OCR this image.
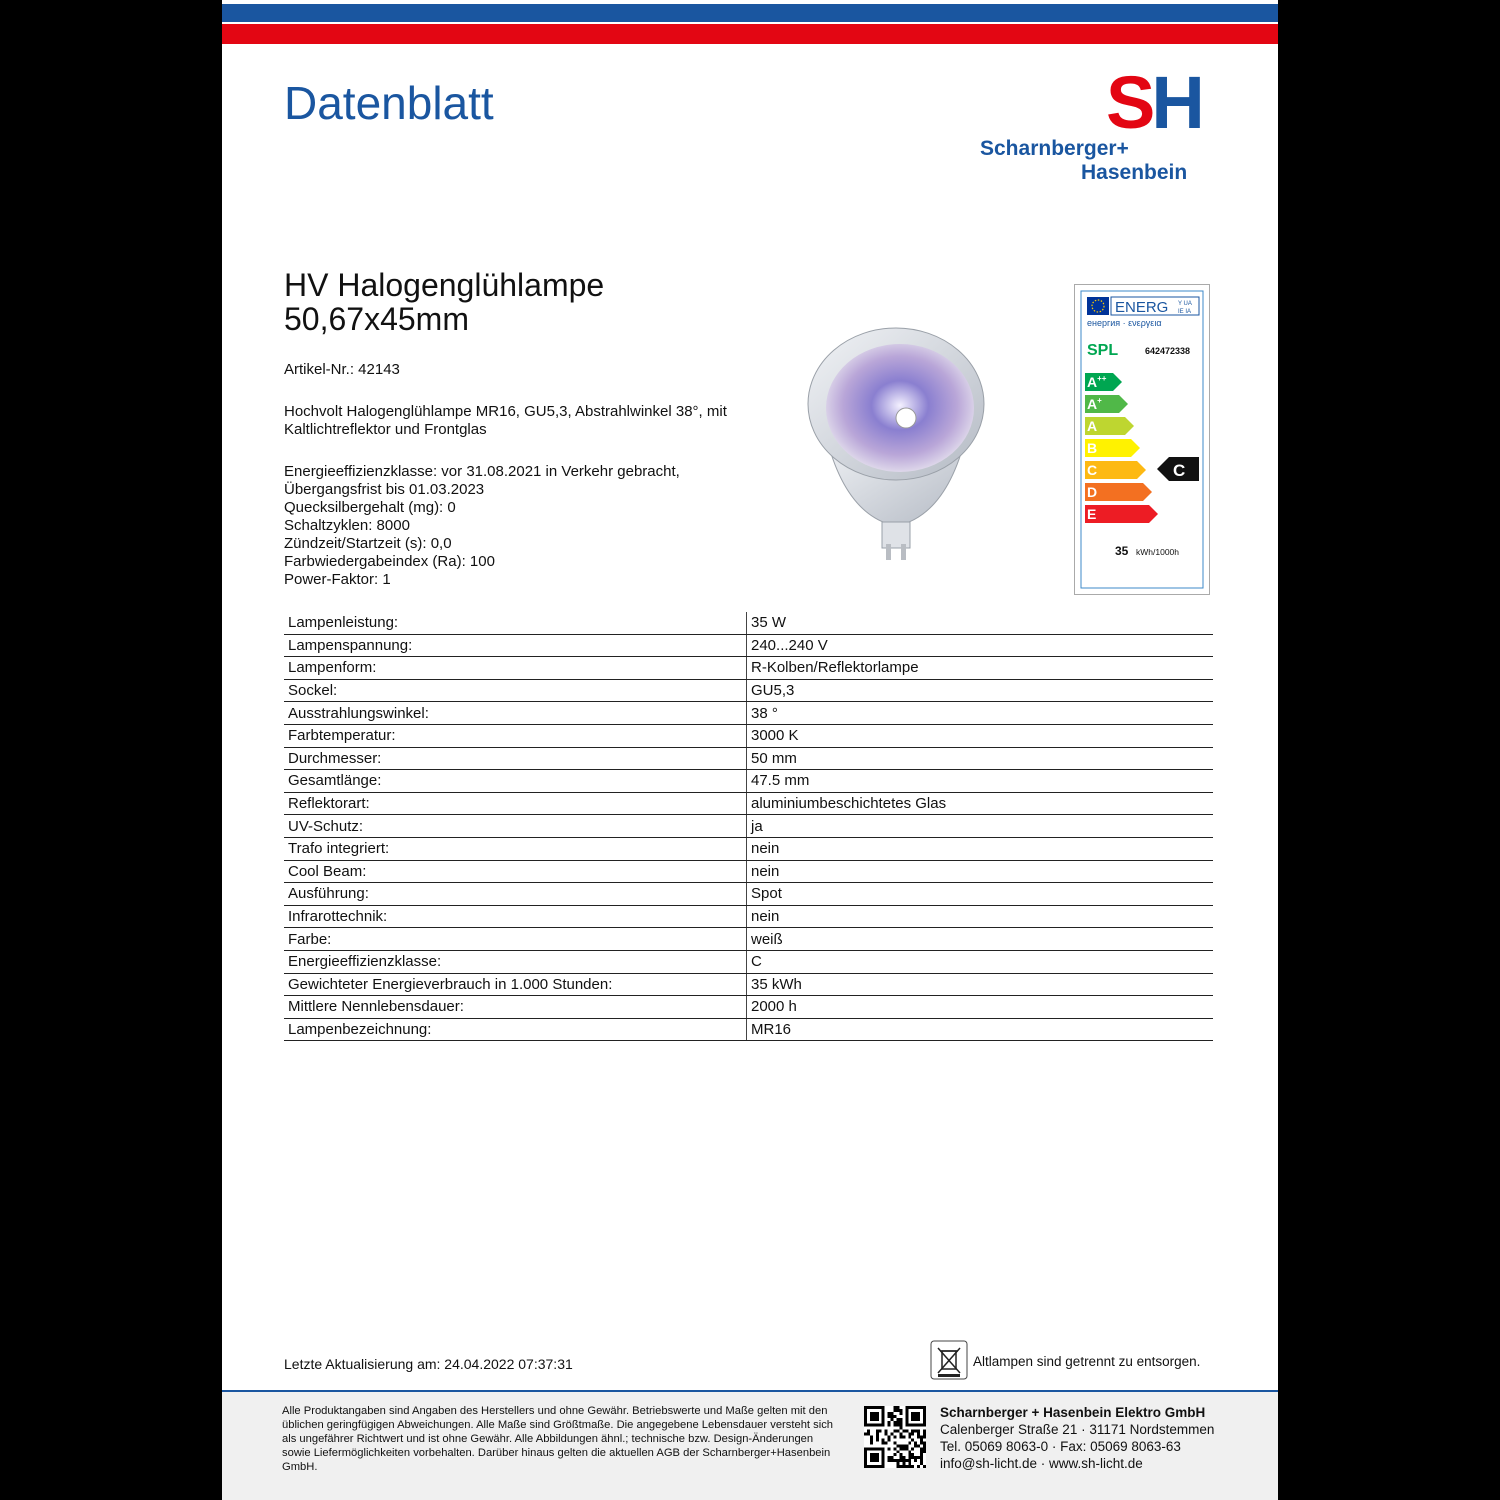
Datenblatt	SH
Scharnberger+
Hasenbein
HV Halogenglühlampe
50,67x45mm
Artikel-Nr.: 42143
Hochvolt Halogenglühlampe MR16, GU5,3, Abstrahlwinkel 38°, mit Kaltlichtreflektor und Frontglas
Energieeffizienzklasse: vor 31.08.2021 in Verkehr gebracht,
Übergangsfrist bis 01.03.2023
Quecksilbergehalt (mg): 0
Schaltzyklen: 8000
Zündzeit/Startzeit (s): 0,0
Farbwiedergabeindex (Ra): 100
Power-Faktor: 1
ENERG Y UA
IE IA
енергия · ενεργεια
SPL	642472338
A++
A+
A
B
C
D
E
C
35 kWh/1000h
Lampenleistung:	35 W
Lampenspannung:	240...240 V
Lampenform:	R-Kolben/Reflektorlampe
Sockel:	GU5,3
Ausstrahlungswinkel:	38 °
Farbtemperatur:	3000 K
Durchmesser:	50 mm
Gesamtlänge:	47.5 mm
Reflektorart:	aluminiumbeschichtetes Glas
UV-Schutz:	ja
Trafo integriert:	nein
Cool Beam:	nein
Ausführung:	Spot
Infrarottechnik:	nein
Farbe:	weiß
Energieeffizienzklasse:	C
Gewichteter Energieverbrauch in 1.000 Stunden:	35 kWh
Mittlere Nennlebensdauer:	2000 h
Lampenbezeichnung:	MR16
Letzte Aktualisierung am: 24.04.2022 07:37:31	Altlampen sind getrennt zu entsorgen.
Alle Produktangaben sind Angaben des Herstellers und ohne Gewähr. Betriebswerte und Maße gelten mit den üblichen geringfügigen Abweichungen. Alle Maße sind Größtmaße. Die angegebene Lebensdauer versteht sich als ungefährer Richtwert und ist ohne Gewähr. Alle Abbildungen ähnl.; technische bzw. Design-Änderungen sowie Liefermöglichkeiten vorbehalten. Darüber hinaus gelten die aktuellen AGB der Scharnberger+Hasenbein GmbH.
Scharnberger + Hasenbein Elektro GmbH
Calenberger Straße 21 · 31171 Nordstemmen
Tel. 05069 8063-0 · Fax: 05069 8063-63
info@sh-licht.de · www.sh-licht.de
